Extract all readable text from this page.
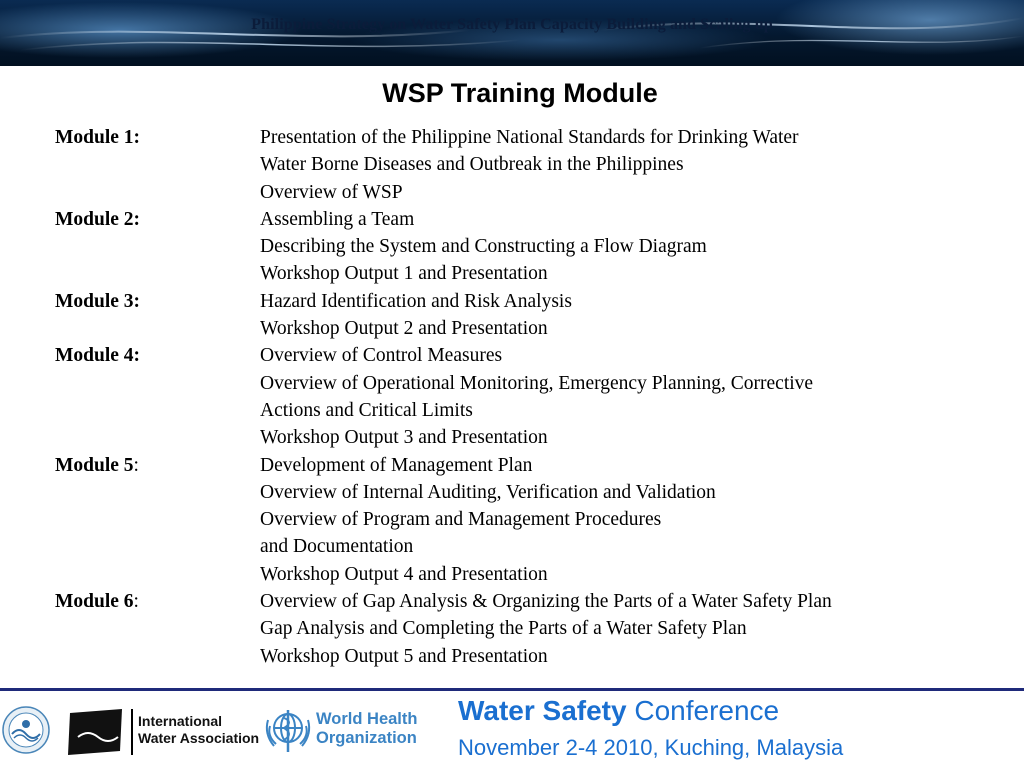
Philippine Strategy on Water Safety Plan Capacity Building and Scaling up
WSP Training Module
Module 1:	Presentation of the Philippine National Standards for Drinking Water
Water Borne Diseases and Outbreak in the Philippines
Overview of WSP
Module 2:	Assembling a Team
Describing the System and Constructing a Flow Diagram
Workshop Output 1 and Presentation
Module 3:	Hazard Identification and Risk Analysis
Workshop Output 2 and Presentation
Module 4:	Overview of Control Measures
Overview of Operational Monitoring, Emergency Planning, Corrective
Actions and Critical Limits
Workshop Output 3 and Presentation
Module 5:	Development of Management Plan
Overview of Internal Auditing, Verification and Validation
Overview of Program and Management Procedures
and Documentation
Workshop Output 4 and Presentation
Module 6:	Overview of Gap Analysis & Organizing the Parts of a Water Safety Plan
Gap Analysis and Completing the Parts of a Water Safety Plan
Workshop Output 5 and Presentation
International
Water Association
World Health
Organization
Water Safety Conference
November 2-4 2010, Kuching, Malaysia
